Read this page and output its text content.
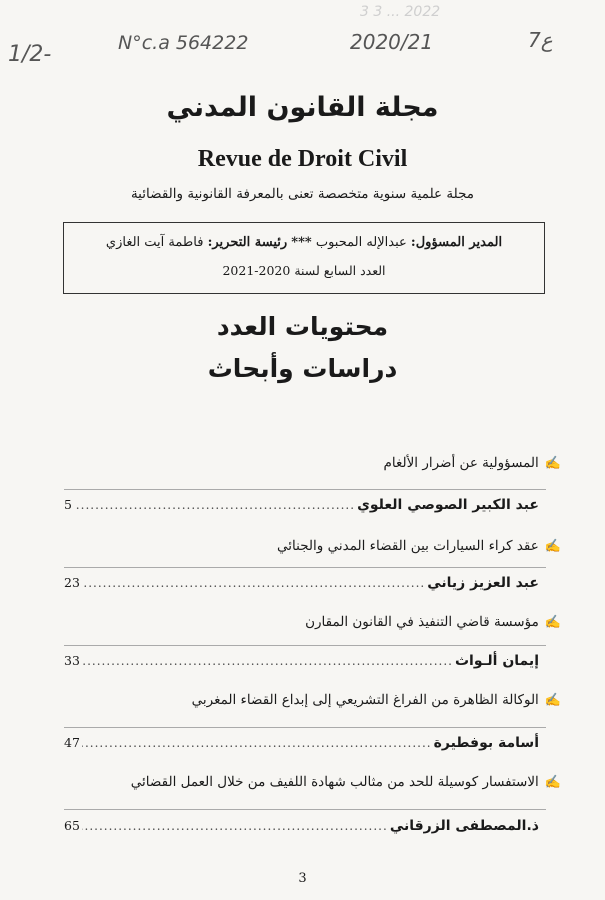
3 3 ... 2022
1/2-	N°c.a 564222	2020/21	7ع
مجلة القانون المدني
Revue de Droit Civil
مجلة علمية سنوية متخصصة تعنى بالمعرفة القانونية والقضائية
المدير المسؤول: عبدالإله المحبوب *** رئيسة التحرير: فاطمة آيت الغازي
العدد السابع لسنة 2020-2021
محتويات العدد
دراسات وأبحاث
✍المسؤولية عن أضرار الألغام
عبد الكبير الصوصي العلوي
.....
5
✍عقد كراء السيارات بين القضاء المدني والجنائي
عبد العزيز زياني
.....
23
✍مؤسسة قاضي التنفيذ في القانون المقارن
إيمان ألـواث
.....
33
✍الوكالة الظاهرة من الفراغ التشريعي إلى إبداع القضاء المغربي
أسامة بوفطيرة
.....
47
✍الاستفسار كوسيلة للحد من مثالب شهادة اللفيف من خلال العمل القضائي
ذ.المصطفى الزرقاني
.....
65
3
